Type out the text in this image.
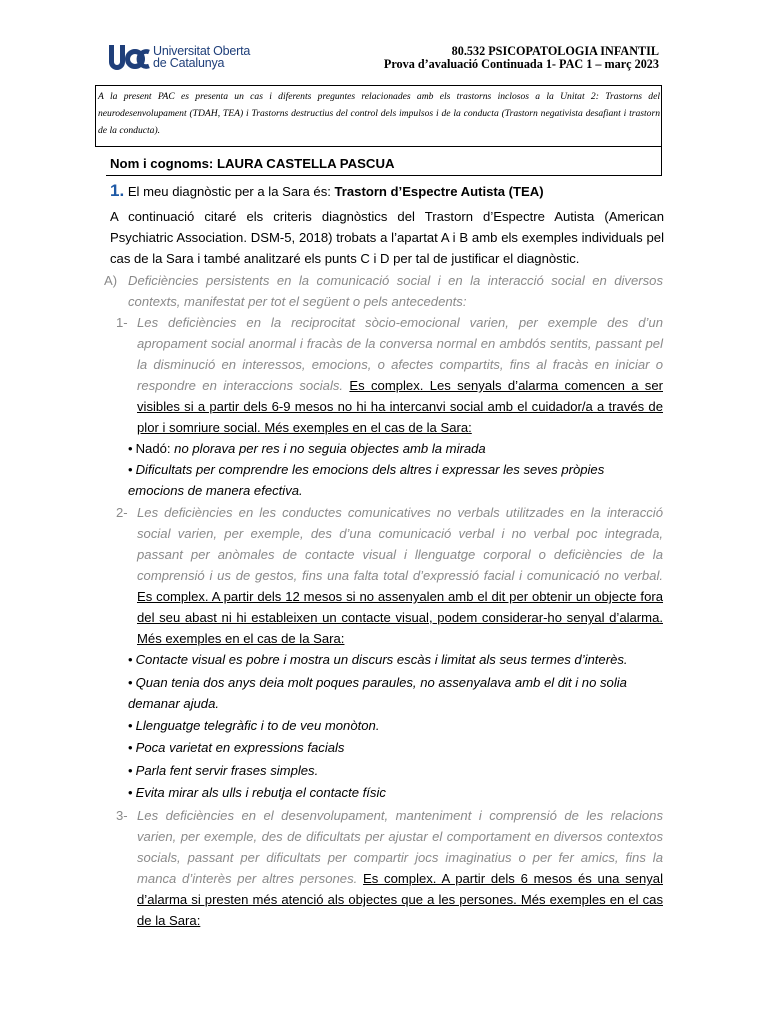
Universitat Oberta
de Catalunya
80.532 PSICOPATOLOGIA INFANTIL
Prova d’avaluació Continuada 1- PAC 1 – març 2023
A la present PAC es presenta un cas i diferents preguntes relacionades amb els trastorns inclosos a la Unitat 2: Trastorns del neurodesenvolupament (TDAH, TEA) i Trastorns destructius del control dels impulsos i de la conducta (Trastorn negativista desafiant i trastorn de la conducta).
Nom i cognoms: LAURA CASTELLA PASCUA
1. El meu diagnòstic per a la Sara és: Trastorn d’Espectre Autista (TEA)
A continuació citaré els criteris diagnòstics del Trastorn d’Espectre Autista (American Psychiatric Association. DSM-5, 2018) trobats a l’apartat A i B amb els exemples individuals pel cas de la Sara i també analitzaré els punts C i D per tal de justificar el diagnòstic.
A) Deficiències persistents en la comunicació social i en la interacció social en diversos contexts, manifestat per tot el següent o pels antecedents:
1- Les deficiències en la reciprocitat sòcio-emocional varien, per exemple des d’un apropament social anormal i fracàs de la conversa normal en ambdós sentits, passant pel la disminució en interessos, emocions, o afectes compartits, fins al fracàs en iniciar o respondre en interaccions socials. Es complex. Les senyals d’alarma comencen a ser visibles si a partir dels 6-9 mesos no hi ha intercanvi social amb el cuidador/a a través de plor i somriure social. Més exemples en el cas de la Sara:
• Nadó: no plorava per res i no seguia objectes amb la mirada
• Dificultats per comprendre les emocions dels altres i expressar les seves pròpies emocions de manera efectiva.
2- Les deficiències en les conductes comunicatives no verbals utilitzades en la interacció social varien, per exemple, des d’una comunicació verbal i no verbal poc integrada, passant per anòmales de contacte visual i llenguatge corporal o deficiències de la comprensió i us de gestos, fins una falta total d’expressió facial i comunicació no verbal. Es complex. A partir dels 12 mesos si no assenyalen amb el dit per obtenir un objecte fora del seu abast ni hi estableixen un contacte visual, podem considerar-ho senyal d’alarma. Més exemples en el cas de la Sara:
• Contacte visual es pobre i mostra un discurs escàs i limitat als seus termes d’interès.
• Quan tenia dos anys deia molt poques paraules, no assenyalava amb el dit i no solia demanar ajuda.
• Llenguatge telegràfic i to de veu monòton.
• Poca varietat en expressions facials
• Parla fent servir frases simples.
• Evita mirar als ulls i rebutja el contacte físic
3- Les deficiències en el desenvolupament, manteniment i comprensió de les relacions varien, per exemple, des de dificultats per ajustar el comportament en diversos contextos socials, passant per dificultats per compartir jocs imaginatius o per fer amics, fins la manca d’interès per altres persones. Es complex. A partir dels 6 mesos és una senyal d’alarma si presten més atenció als objectes que a les persones. Més exemples en el cas de la Sara:
